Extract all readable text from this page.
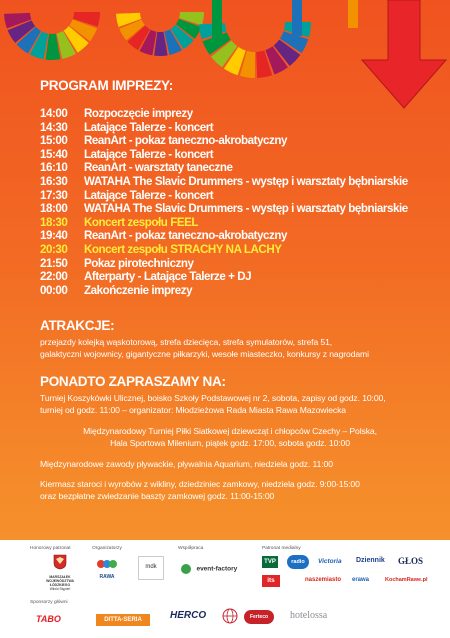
PROGRAM IMPREZY:
14:00 Rozpoczęcie imprezy
14:30 Latające Talerze - koncert
15:00 ReanArt - pokaz taneczno-akrobatyczny
15:40 Latające Talerze - koncert
16:10 ReanArt - warsztaty taneczne
16:30 WATAHA The Slavic Drummers - występ i warsztaty bębniarskie
17:30 Latające Talerze - koncert
18:00 WATAHA The Slavic Drummers - występ i warsztaty bębniarskie
18:30 Koncert zespołu FEEL
19:40 ReanArt - pokaz taneczno-akrobatyczny
20:30 Koncert zespołu STRACHY NA LACHY
21:50 Pokaz pirotechniczny
22:00 Afterparty - Latające Talerze + DJ
00:00 Zakończenie imprezy
ATRAKCJE:
przejazdy kolejką wąskotorową, strefa dziecięca, strefa symulatorów, strefa 51,
galaktyczni wojownicy, gigantyczne piłkarzyki, wesołe miasteczko, konkursy z nagrodami
PONADTO ZAPRASZAMY NA:
Turniej Koszykówki Ulicznej, boisko Szkoły Podstawowej nr 2, sobota, zapisy od godz. 10:00,
turniej od godz. 11:00 – organizator: Młodzieżowa Rada Miasta Rawa Mazowiecka
Międzynarodowy Turniej Piłki Siatkowej dziewcząt i chłopców Czechy – Polska,
Hala Sportowa Milenium, piątek godz. 17:00, sobota godz. 10:00
Międzynarodowe zawody pływackie, pływalnia Aquarium, niedziela godz. 11:00
Kiermasz staroci i wyrobów z wikliny, dziedziniec zamkowy, niedziela godz. 9:00-15:00
oraz bezpłatne zwiedzanie baszty zamkowej godz. 11:00-15:00
Honorowy patronat	Organizatorzy	Współpraca	Patronat medialny
Sponsorzy główni
MARSZAŁEK
WOJEWÓDZTWA ŁÓDZKIEGO
Witold Stępień
RAWA
mdk	event-factory
TVP	radio	Victoria Dziennik GŁOS
its	naszemiasto erawa	KochamRawe.pl
TABO	DITTA-SERIA	HERCO	Ferteco	hotelossa
